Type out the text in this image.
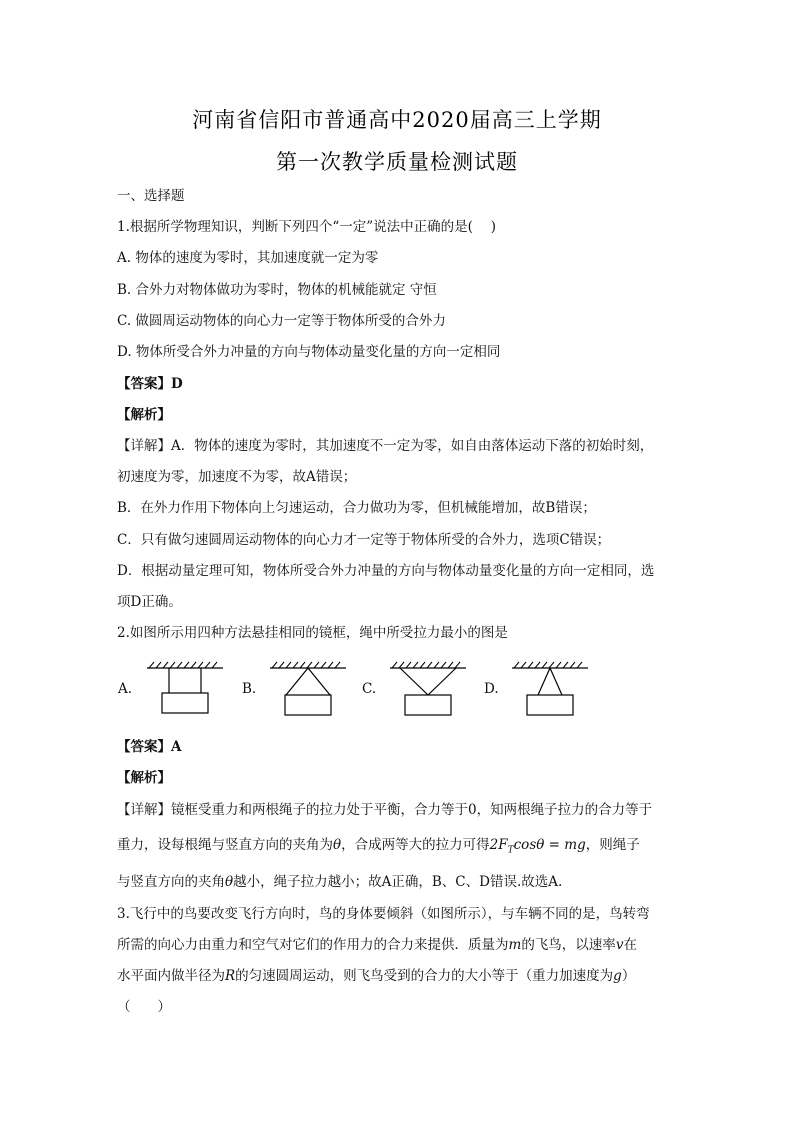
河南省信阳市普通高中2020届高三上学期
第一次教学质量检测试题
一、选择题
1.根据所学物理知识，判断下列四个“一定”说法中正确的是(　 )
A. 物体的速度为零时，其加速度就一定为零
B. 合外力对物体做功为零时，物体的机械能就定 守恒
C. 做圆周运动物体的向心力一定等于物体所受的合外力
D. 物体所受合外力冲量的方向与物体动量变化量的方向一定相同
【答案】D
【解析】
【详解】A．物体的速度为零时，其加速度不一定为零，如自由落体运动下落的初始时刻，
初速度为零，加速度不为零，故A错误；
B．在外力作用下物体向上匀速运动，合力做功为零，但机械能增加，故B错误；
C．只有做匀速圆周运动物体的向心力才一定等于物体所受的合外力，选项C错误；
D．根据动量定理可知，物体所受合外力冲量的方向与物体动量变化量的方向一定相同，选
项D正确。
2.如图所示用四种方法悬挂相同的镜框，绳中所受拉力最小的图是
A.	B.	C.	D.
【答案】A
【解析】
【详解】镜框受重力和两根绳子的拉力处于平衡，合力等于0，知两根绳子拉力的合力等于
重力，设每根绳与竖直方向的夹角为θ，合成两等大的拉力可得$2F_T\cos\theta$ = mg，则绳子
与竖直方向的夹角θ越小，绳子拉力越小；故A正确，B、C、D错误.故选A.
3.飞行中的鸟要改变飞行方向时，鸟的身体要倾斜（如图所示），与车辆不同的是，鸟转弯
所需的向心力由重力和空气对它们的作用力的合力来提供．质量为m的飞鸟，以速率v在
水平面内做半径为R的匀速圆周运动，则飞鸟受到的合力的大小等于（重力加速度为g）
（　　）
